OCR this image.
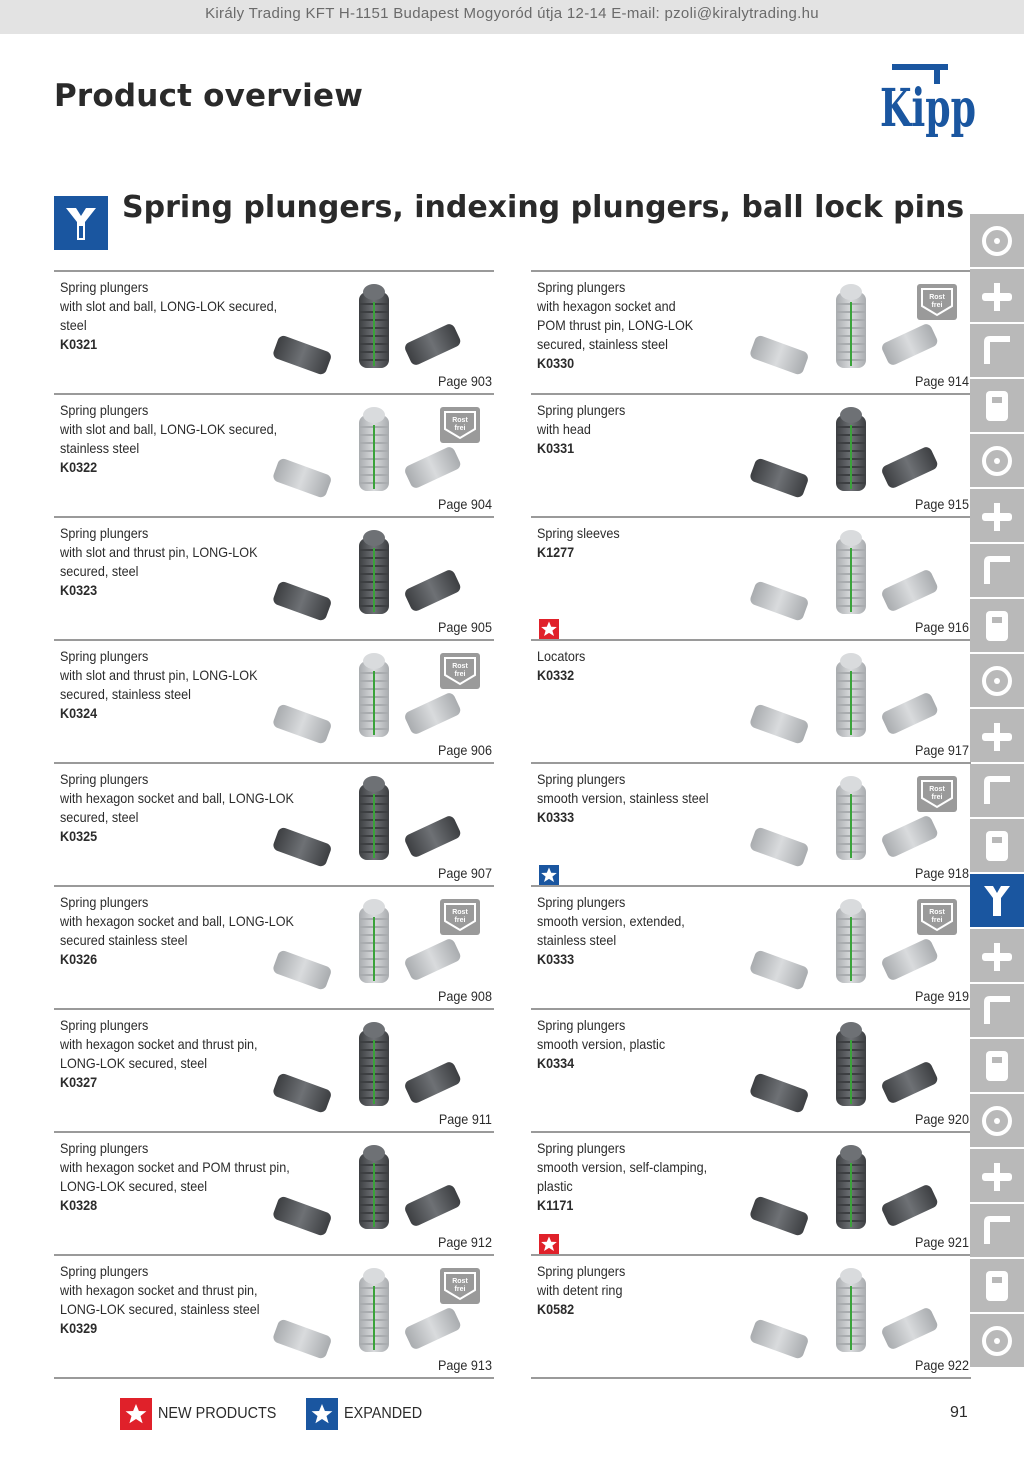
Király Trading KFT H-1151 Budapest Mogyoród útja 12-14 E-mail: pzoli@kiralytrading.hu
Product overview	Kipp
Spring plungers, indexing plungers, ball lock pins
Spring plungers
with slot and ball, LONG-LOK secured,
steel
K0321
Page 903
Spring plungers
with slot and ball, LONG-LOK secured,
stainless steel
K0322
Rost
frei
Page 904
Spring plungers
with slot and thrust pin, LONG-LOK
secured, steel
K0323
Page 905
Spring plungers
with slot and thrust pin, LONG-LOK
secured, stainless steel
K0324
Rost
frei
Page 906
Spring plungers
with hexagon socket and ball, LONG-LOK
secured, steel
K0325
Page 907
Spring plungers
with hexagon socket and ball, LONG-LOK
secured stainless steel
K0326
Rost
frei
Page 908
Spring plungers
with hexagon socket and thrust pin,
LONG-LOK secured, steel
K0327
Page 911
Spring plungers
with hexagon socket and POM thrust pin,
LONG-LOK secured, steel
K0328
Page 912
Spring plungers
with hexagon socket and thrust pin,
LONG-LOK secured, stainless steel
K0329
Rost
frei
Page 913
Spring plungers
with hexagon socket and
POM thrust pin, LONG-LOK
secured, stainless steel
K0330
Rost
frei
Page 914
Spring plungers
with head
K0331
Page 915
Spring sleeves
K1277
Page 916
Locators
K0332
Page 917
Spring plungers
smooth version, stainless steel
K0333
Rost
frei
Page 918
Spring plungers
smooth version, extended,
stainless steel
K0333
Rost
frei
Page 919
Spring plungers
smooth version, plastic
K0334
Page 920
Spring plungers
smooth version, self-clamping,
plastic
K1171
Page 921
Spring plungers
with detent ring
K0582
Page 922
NEW PRODUCTS	EXPANDED	91
